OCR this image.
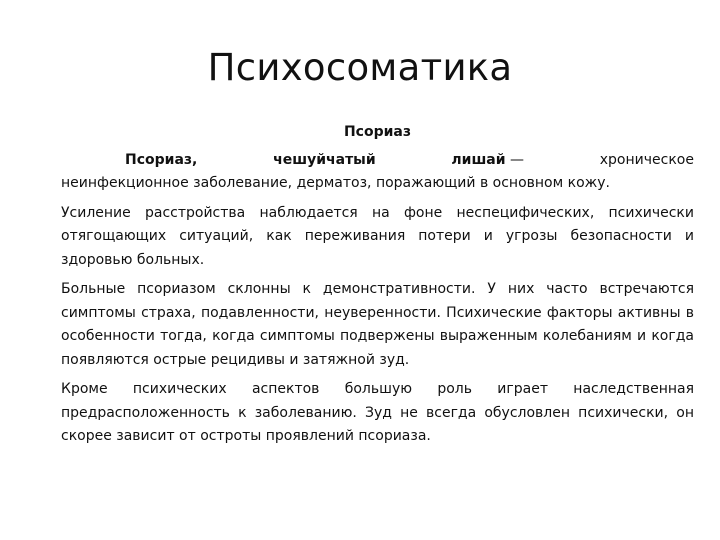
Психосоматика
Псориаз
Псориаз,	чешуйчатый	лишай —	хроническое

неинфекционное заболевание, дерматоз, поражающий в основном кожу.

Усиление расстройства наблюдается на фоне неспецифических, психически отягощающих ситуаций, как переживания потери и угрозы безопасности и здоровью больных.

Больные псориазом склонны к демонстративности. У них часто встречаются симптомы страха, подавленности, неуверенности. Психические факторы активны в особенности тогда, когда симптомы подвержены выраженным колебаниям и когда появляются острые рецидивы и затяжной зуд.

Кроме психических аспектов большую роль играет наследственная предрасположенность к заболеванию. Зуд не всегда обусловлен психически, он скорее зависит от остроты проявлений псориаза.
